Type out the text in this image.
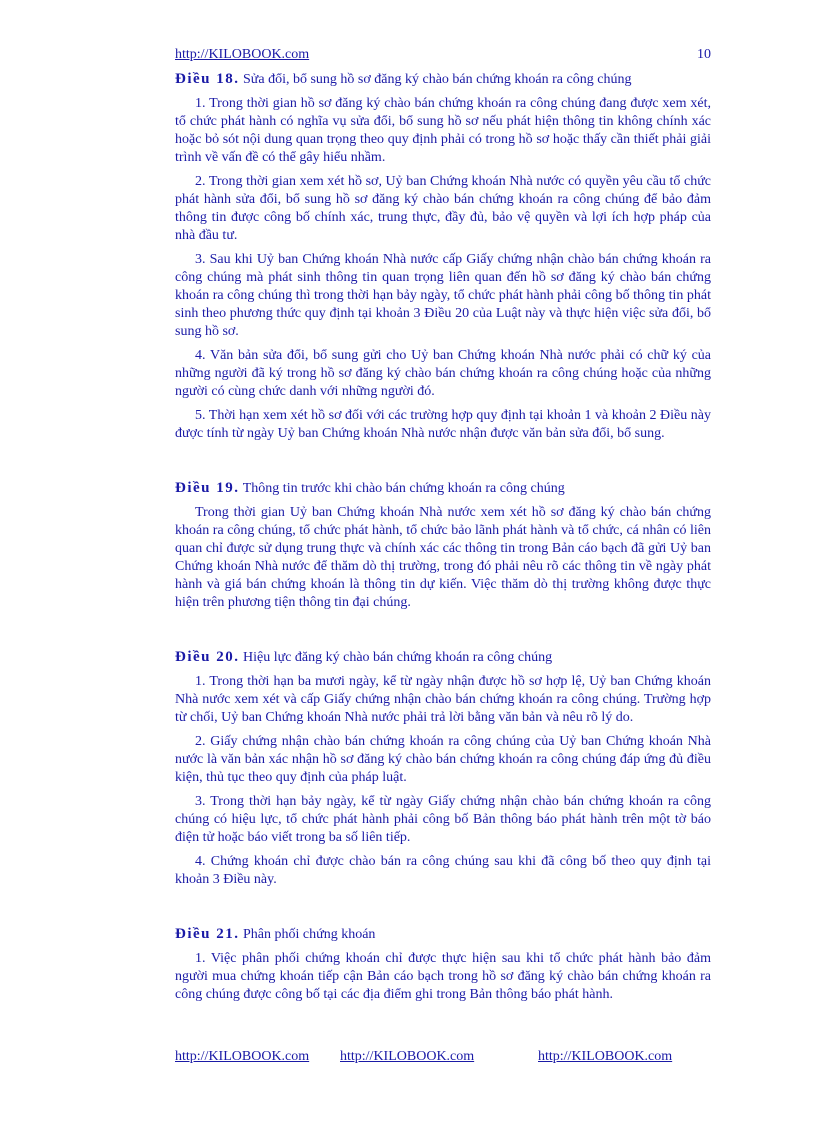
http://KILOBOOK.com	10

Điều 18. Sửa đổi, bổ sung hồ sơ đăng ký chào bán chứng khoán ra công chúng

1. Trong thời gian hồ sơ đăng ký chào bán chứng khoán ra công chúng đang được xem xét, tổ chức phát hành có nghĩa vụ sửa đổi, bổ sung hồ sơ nếu phát hiện thông tin không chính xác hoặc bỏ sót nội dung quan trọng theo quy định phải có trong hồ sơ hoặc thấy cần thiết phải giải trình về vấn đề có thể gây hiểu nhầm.

2. Trong thời gian xem xét hồ sơ, Uỷ ban Chứng khoán Nhà nước có quyền yêu cầu tổ chức phát hành sửa đổi, bổ sung hồ sơ đăng ký chào bán chứng khoán ra công chúng để bảo đảm thông tin được công bố chính xác, trung thực, đầy đủ, bảo vệ quyền và lợi ích hợp pháp của nhà đầu tư.

3. Sau khi Uỷ ban Chứng khoán Nhà nước cấp Giấy chứng nhận chào bán chứng khoán ra công chúng mà phát sinh thông tin quan trọng liên quan đến hồ sơ đăng ký chào bán chứng khoán ra công chúng thì trong thời hạn bảy ngày, tổ chức phát hành phải công bố thông tin phát sinh theo phương thức quy định tại khoản 3 Điều 20 của Luật này và thực hiện việc sửa đổi, bổ sung hồ sơ.

4. Văn bản sửa đổi, bổ sung gửi cho Uỷ ban Chứng khoán Nhà nước phải có chữ ký của những người đã ký trong hồ sơ đăng ký chào bán chứng khoán ra công chúng hoặc của những người có cùng chức danh với những người đó.

5. Thời hạn xem xét hồ sơ đối với các trường hợp quy định tại khoản 1 và khoản 2 Điều này được tính từ ngày Uỷ ban Chứng khoán Nhà nước nhận được văn bản sửa đổi, bổ sung.

Điều 19. Thông tin trước khi chào bán chứng khoán ra công chúng

Trong thời gian Uỷ ban Chứng khoán Nhà nước xem xét hồ sơ đăng ký chào bán chứng khoán ra công chúng, tổ chức phát hành, tổ chức bảo lãnh phát hành và tổ chức, cá nhân có liên quan chỉ được sử dụng trung thực và chính xác các thông tin trong Bản cáo bạch đã gửi Uỷ ban Chứng khoán Nhà nước để thăm dò thị trường, trong đó phải nêu rõ các thông tin về ngày phát hành và giá bán chứng khoán là thông tin dự kiến. Việc thăm dò thị trường không được thực hiện trên phương tiện thông tin đại chúng.

Điều 20. Hiệu lực đăng ký chào bán chứng khoán ra công chúng

1. Trong thời hạn ba mươi ngày, kể từ ngày nhận được hồ sơ hợp lệ, Uỷ ban Chứng khoán Nhà nước xem xét và cấp Giấy chứng nhận chào bán chứng khoán ra công chúng. Trường hợp từ chối, Uỷ ban Chứng khoán Nhà nước phải trả lời bằng văn bản và nêu rõ lý do.

2. Giấy chứng nhận chào bán chứng khoán ra công chúng của Uỷ ban Chứng khoán Nhà nước là văn bản xác nhận hồ sơ đăng ký chào bán chứng khoán ra công chúng đáp ứng đủ điều kiện, thủ tục theo quy định của pháp luật.

3. Trong thời hạn bảy ngày, kể từ ngày Giấy chứng nhận chào bán chứng khoán ra công chúng có hiệu lực, tổ chức phát hành phải công bố Bản thông báo phát hành trên một tờ báo điện tử hoặc báo viết trong ba số liên tiếp.

4. Chứng khoán chỉ được chào bán ra công chúng sau khi đã công bố theo quy định tại khoản 3 Điều này.

Điều 21. Phân phối chứng khoán

1. Việc phân phối chứng khoán chỉ được thực hiện sau khi tổ chức phát hành bảo đảm người mua chứng khoán tiếp cận Bản cáo bạch trong hồ sơ đăng ký chào bán chứng khoán ra công chúng được công bố tại các địa điểm ghi trong Bản thông báo phát hành.

http://KILOBOOK.com http://KILOBOOK.com	http://KILOBOOK.com
